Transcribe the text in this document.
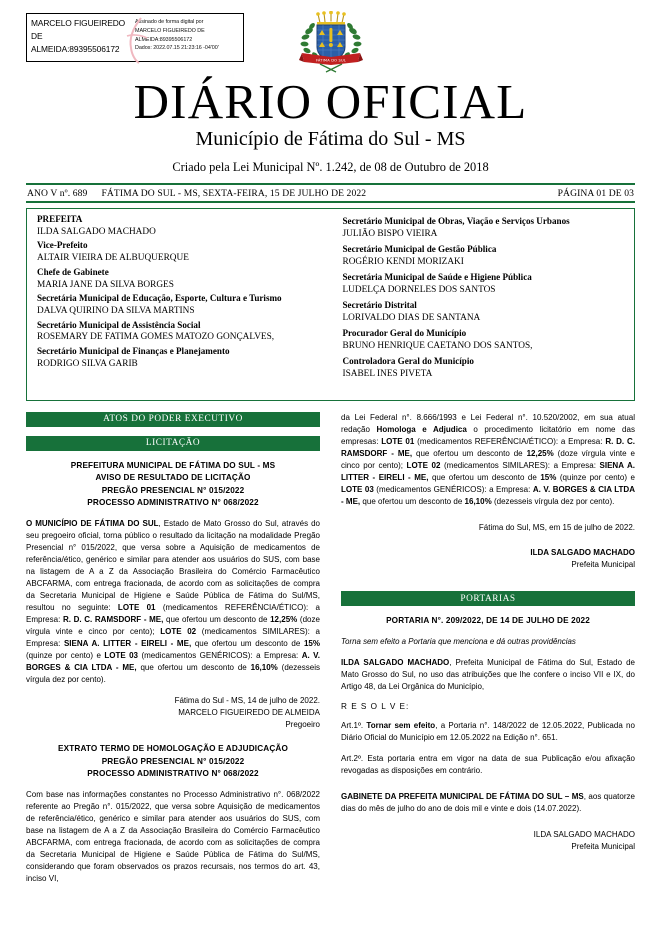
MARCELO FIGUEIREDO
DE
ALMEIDA:89395506172
Assinado de forma digital por
MARCELO FIGUEIREDO DE
ALMEIDA:89395506172
Dados: 2022.07.15 21:23:16 -04'00'
FÁTIMA DO SUL
DIÁRIO OFICIAL
Município de Fátima do Sul - MS
Criado pela Lei Municipal Nº. 1.242, de 08 de Outubro de 2018
ANO V nº. 689 FÁTIMA DO SUL - MS, SEXTA-FEIRA, 15 DE JULHO DE 2022	PÁGINA 01 DE 03
PREFEITA
ILDA SALGADO MACHADO
Vice-Prefeito
ALTAIR VIEIRA DE ALBUQUERQUE
Chefe de Gabinete
MARIA JANE DA SILVA BORGES
Secretária Municipal de Educação, Esporte, Cultura e Turismo
DALVA QUIRINO DA SILVA MARTINS
Secretário Municipal de Assistência Social
ROSEMARY DE FATIMA GOMES MATOZO GONÇALVES,
Secretário Municipal de Finanças e Planejamento
RODRIGO SILVA GARIB
Secretário Municipal de Obras, Viação e Serviços Urbanos
JULIÃO BISPO VIEIRA
Secretário Municipal de Gestão Pública
ROGÉRIO KENDI MORIZAKI
Secretária Municipal de Saúde e Higiene Pública
LUDELÇA DORNELES DOS SANTOS
Secretário Distrital
LORIVALDO DIAS DE SANTANA
Procurador Geral do Município
BRUNO HENRIQUE CAETANO DOS SANTOS,
Controladora Geral do Município
ISABEL INES PIVETA
ATOS DO PODER EXECUTIVO
LICITAÇÃO
PREFEITURA MUNICIPAL DE FÁTIMA DO SUL - MS
AVISO DE RESULTADO DE LICITAÇÃO
PREGÃO PRESENCIAL N° 015/2022
PROCESSO ADMINISTRATIVO N° 068/2022

O MUNICÍPIO DE FÁTIMA DO SUL, Estado de Mato Grosso do Sul, através do seu pregoeiro oficial, torna público o resultado da licitação na modalidade Pregão Presencial n° 015/2022, que versa sobre a Aquisição de medicamentos de referência/ético, genérico e similar para atender aos usuários do SUS, com base na listagem de A a Z da Associação Brasileira do Comércio Farmacêutico ABCFARMA, com entrega fracionada, de acordo com as solicitações de compra da Secretaria Municipal de Higiene e Saúde Pública de Fátima do Sul/MS, resultou no seguinte: LOTE 01 (medicamentos REFERÊNCIA/ÉTICO): a Empresa: R. D. C. RAMSDORF - ME, que ofertou um desconto de 12,25% (doze vírgula vinte e cinco por cento); LOTE 02 (medicamentos SIMILARES): a Empresa: SIENA A. LITTER - EIRELI - ME, que ofertou um desconto de 15% (quinze por cento) e LOTE 03 (medicamentos GENÉRICOS): a Empresa: A. V. BORGES & CIA LTDA - ME, que ofertou um desconto de 16,10% (dezesseis vírgula dez por cento).

Fátima do Sul - MS, 14 de julho de 2022.
MARCELO FIGUEIREDO DE ALMEIDA
Pregoeiro

EXTRATO TERMO DE HOMOLOGAÇÃO E ADJUDICAÇÃO
PREGÃO PRESENCIAL N° 015/2022
PROCESSO ADMINISTRATIVO N° 068/2022

Com base nas informações constantes no Processo Administrativo n°. 068/2022 referente ao Pregão n°. 015/2022, que versa sobre Aquisição de medicamentos de referência/ético, genérico e similar para atender aos usuários do SUS, com base na listagem de A a Z da Associação Brasileira do Comércio Farmacêutico ABCFARMA, com entrega fracionada, de acordo com as solicitações de compra da Secretaria Municipal de Higiene e Saúde Pública de Fátima do Sul/MS, considerando que foram observados os prazos recursais, nos termos do art. 43, inciso VI,

da Lei Federal n°. 8.666/1993 e Lei Federal n°. 10.520/2002, em sua atual redação Homologa e Adjudica o procedimento licitatório em nome das empresas: LOTE 01 (medicamentos REFERÊNCIA/ÉTICO): a Empresa: R. D. C. RAMSDORF - ME, que ofertou um desconto de 12,25% (doze vírgula vinte e cinco por cento); LOTE 02 (medicamentos SIMILARES): a Empresa: SIENA A. LITTER - EIRELI - ME, que ofertou um desconto de 15% (quinze por cento) e LOTE 03 (medicamentos GENÉRICOS): a Empresa: A. V. BORGES & CIA LTDA - ME, que ofertou um desconto de 16,10% (dezesseis vírgula dez por cento).

Fátima do Sul, MS, em 15 de julho de 2022.

ILDA SALGADO MACHADO
Prefeita Municipal

PORTARIAS
PORTARIA N°. 209/2022, DE 14 DE JULHO DE 2022

Torna sem efeito a Portaria que menciona e dá outras providências

ILDA SALGADO MACHADO, Prefeita Municipal de Fátima do Sul, Estado de Mato Grosso do Sul, no uso das atribuições que lhe confere o inciso VII e IX, do Artigo 48, da Lei Orgânica do Município,

R E S O L V E:

Art.1º. Tornar sem efeito, a Portaria n°. 148/2022 de 12.05.2022, Publicada no Diário Oficial do Município em 12.05.2022 na Edição n°. 651.

Art.2º. Esta portaria entra em vigor na data de sua Publicação e/ou afixação revogadas as disposições em contrário.

GABINETE DA PREFEITA MUNICIPAL DE FÁTIMA DO SUL – MS, aos quatorze dias do mês de julho do ano de dois mil e vinte e dois (14.07.2022).

ILDA SALGADO MACHADO
Prefeita Municipal
